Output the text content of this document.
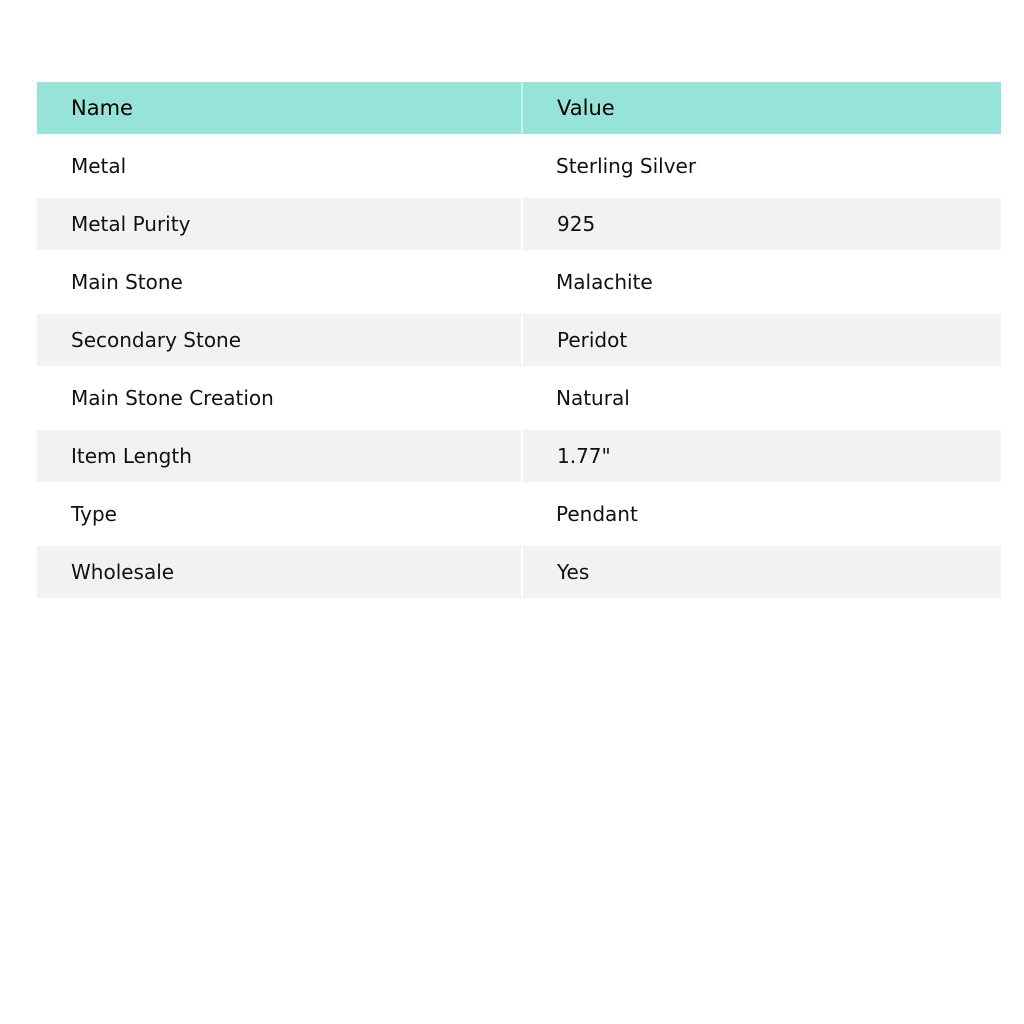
Name	Value
Metal	Sterling Silver
Metal Purity	925
Main Stone	Malachite
Secondary Stone	Peridot
Main Stone Creation	Natural
Item Length	1.77"
Type	Pendant
Wholesale	Yes
